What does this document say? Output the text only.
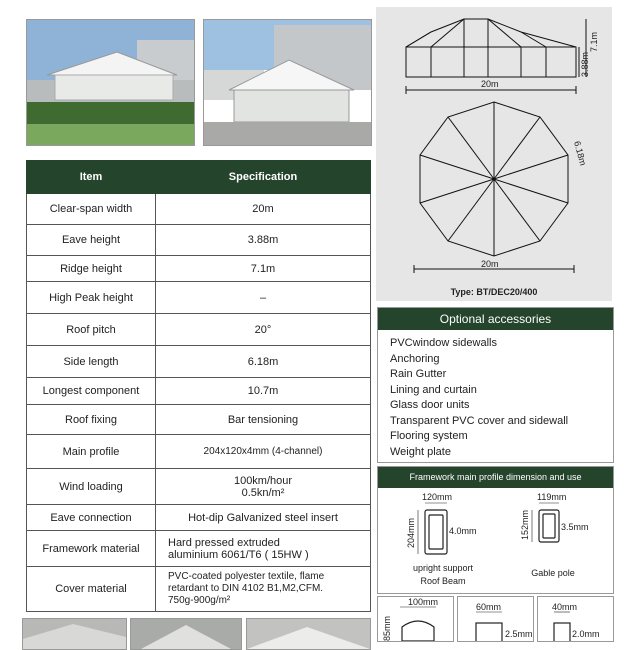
Item	Specification
Clear-span width	20m
Eave height	3.88m
Ridge height	7.1m
High Peak height	–
Roof pitch	20°
Side length	6.18m
Longest component	10.7m
Roof fixing	Bar tensioning
Main profile	204x120x4mm (4-channel)
Wind loading	100km/hour
0.5kn/m²

Eave connection	Hot-dip Galvanized steel insert
Framework material	Hard pressed extruded
aluminium 6061/T6 ( 15HW )

Cover material	PVC-coated polyester textile, flame
retardant to DIN 4102 B1,M2,CFM.
750g-900g/m²
20m
7.1m
3.88m
6.18m
20m
Type: BT/DEC20/400
Optional accessories
PVCwindow sidewalls
Anchoring
Rain Gutter
Lining and curtain
Glass door units
Transparent PVC cover and sidewall
Flooring system
Weight plate
Framework main profile dimension and use
120mm
204mm	4.0mm
119mm
152mm	3.5mm
upright support
Roof Beam
Gable pole
100mm
85mm
60mm
2.5mm
40mm
2.0mm
